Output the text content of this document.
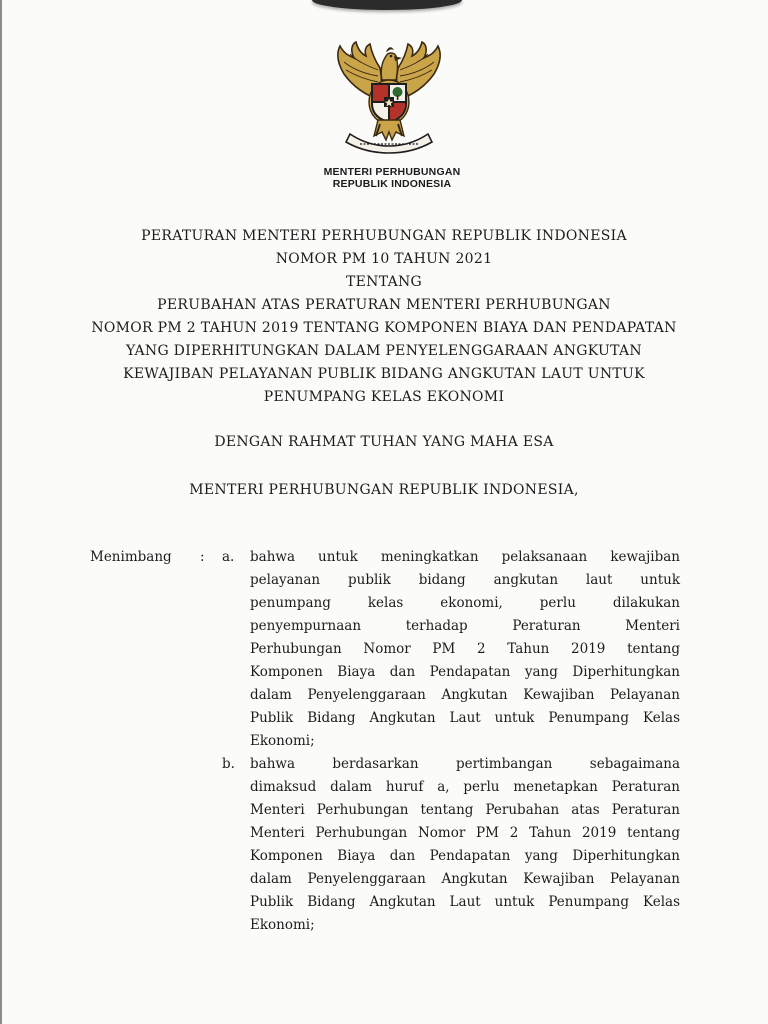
MENTERI PERHUBUNGAN
REPUBLIK INDONESIA
PERATURAN MENTERI PERHUBUNGAN REPUBLIK INDONESIA
NOMOR PM 10 TAHUN 2021
TENTANG
PERUBAHAN ATAS PERATURAN MENTERI PERHUBUNGAN
NOMOR PM 2 TAHUN 2019 TENTANG KOMPONEN BIAYA DAN PENDAPATAN
YANG DIPERHITUNGKAN DALAM PENYELENGGARAAN ANGKUTAN
KEWAJIBAN PELAYANAN PUBLIK BIDANG ANGKUTAN LAUT UNTUK
PENUMPANG KELAS EKONOMI
DENGAN RAHMAT TUHAN YANG MAHA ESA
MENTERI PERHUBUNGAN REPUBLIK INDONESIA,
Menimbang : a. bahwa untuk meningkatkan pelaksanaan kewajiban
pelayanan publik bidang angkutan laut untuk
penumpang kelas ekonomi, perlu dilakukan
penyempurnaan terhadap Peraturan Menteri
Perhubungan Nomor PM 2 Tahun 2019 tentang
Komponen Biaya dan Pendapatan yang Diperhitungkan
dalam Penyelenggaraan Angkutan Kewajiban Pelayanan
Publik Bidang Angkutan Laut untuk Penumpang Kelas
Ekonomi;
b. bahwa berdasarkan pertimbangan sebagaimana
dimaksud dalam huruf a, perlu menetapkan Peraturan
Menteri Perhubungan tentang Perubahan atas Peraturan
Menteri Perhubungan Nomor PM 2 Tahun 2019 tentang
Komponen Biaya dan Pendapatan yang Diperhitungkan
dalam Penyelenggaraan Angkutan Kewajiban Pelayanan
Publik Bidang Angkutan Laut untuk Penumpang Kelas
Ekonomi;
